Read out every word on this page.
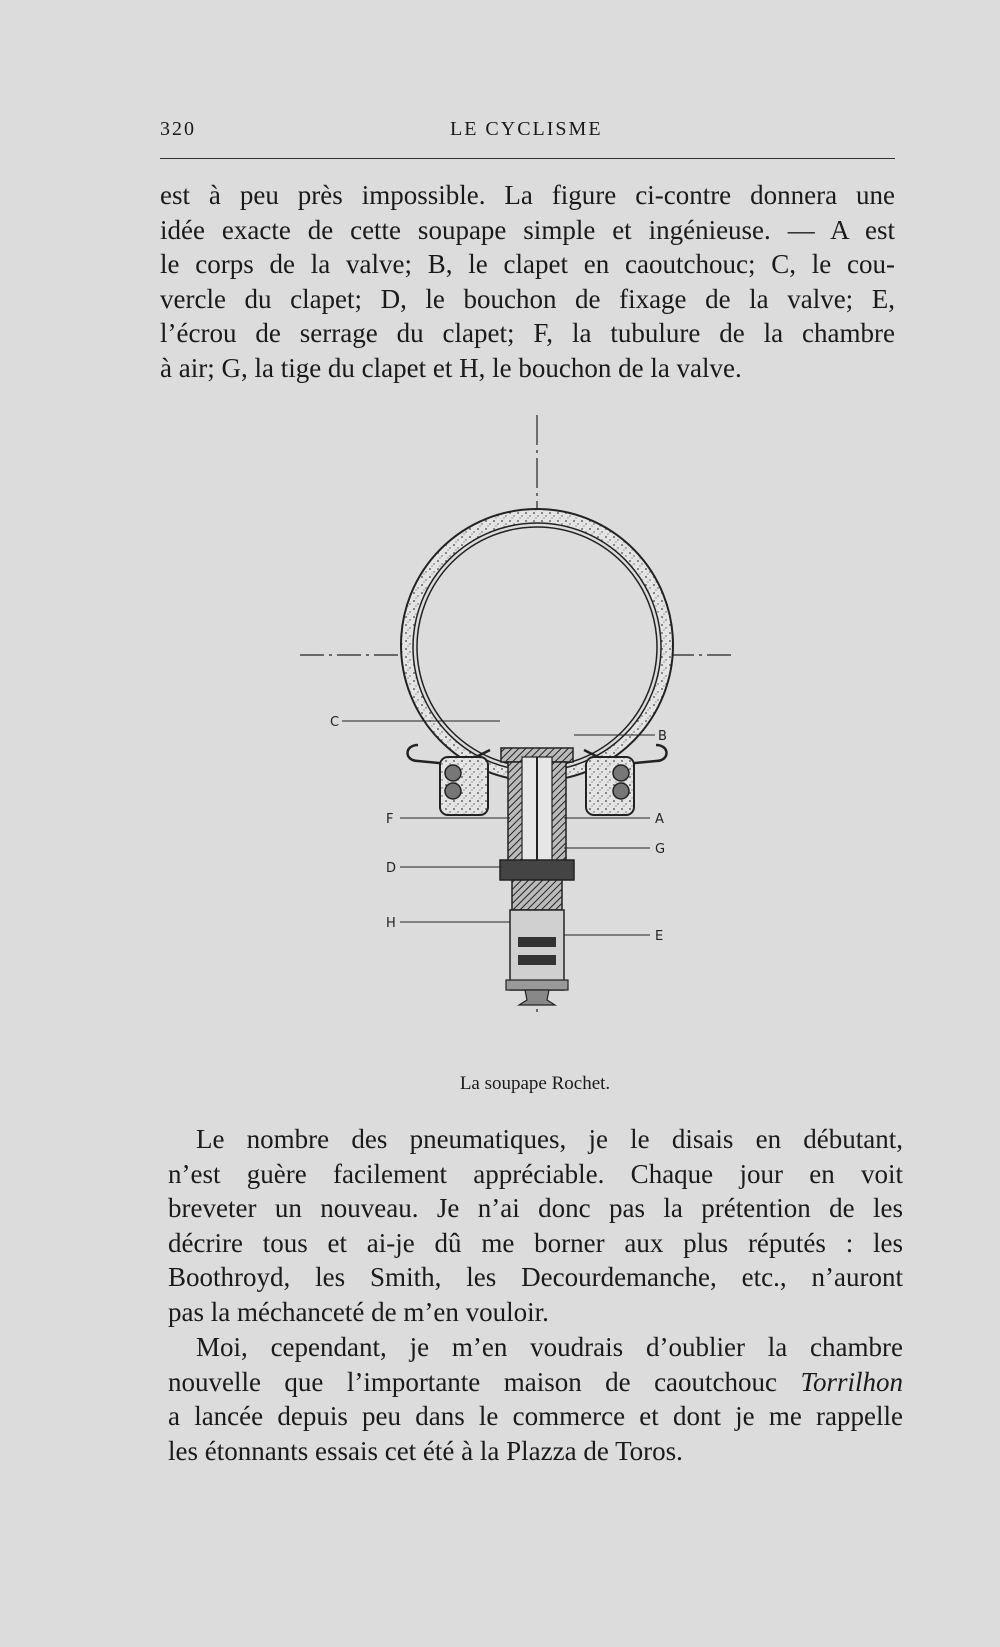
320	LE CYCLISME
est à peu près impossible. La figure ci-contre donnera une
idée exacte de cette soupape simple et ingénieuse. — A est
le corps de la valve; B, le clapet en caoutchouc; C, le cou-
vercle du clapet; D, le bouchon de fixage de la valve; E,
l’écrou de serrage du clapet; F, la tubulure de la chambre
à air; G, la tige du clapet et H, le bouchon de la valve.
C
B
F	A
G
D
H
E
La soupape Rochet.
Le nombre des pneumatiques, je le disais en débutant,
n’est guère facilement appréciable. Chaque jour en voit
breveter un nouveau. Je n’ai donc pas la prétention de les
décrire tous et ai-je dû me borner aux plus réputés : les
Boothroyd, les Smith, les Decourdemanche, etc., n’auront
pas la méchanceté de m’en vouloir.
Moi, cependant, je m’en voudrais d’oublier la chambre
nouvelle que l’importante maison de caoutchouc Torrilhon
a lancée depuis peu dans le commerce et dont je me rappelle
les étonnants essais cet été à la Plazza de Toros.
